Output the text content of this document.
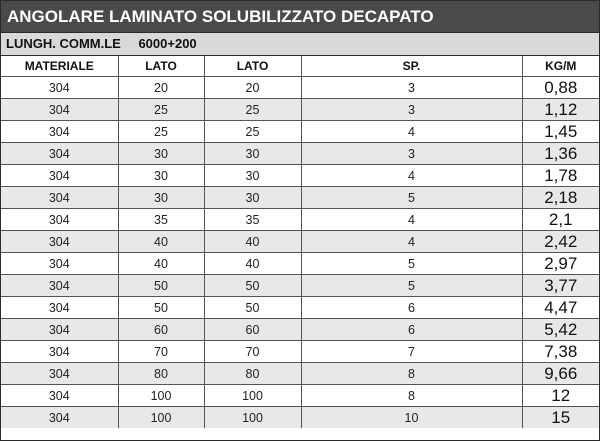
ANGOLARE LAMINATO SOLUBILIZZATO DECAPATO
LUNGH. COMM.LE 6000+200
MATERIALE	LATO	LATO	SP.	KG/M
304	20	20	3	0,88
304	25	25	3	1,12
304	25	25	4	1,45
304	30	30	3	1,36
304	30	30	4	1,78
304	30	30	5	2,18
304	35	35	4	2,1
304	40	40	4	2,42
304	40	40	5	2,97
304	50	50	5	3,77
304	50	50	6	4,47
304	60	60	6	5,42
304	70	70	7	7,38
304	80	80	8	9,66
304	100	100	8	12
304	100	100	10	15
